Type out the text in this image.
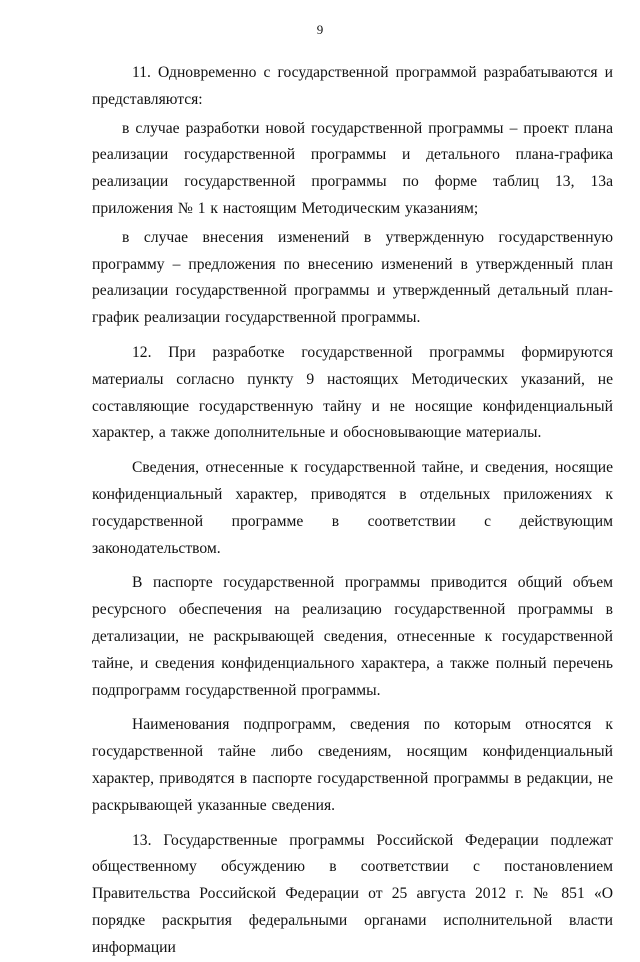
9

11. Одновременно с государственной программой разрабатываются и представляются:

в случае разработки новой государственной программы – проект плана реализации государственной программы и детального плана-графика реализации государственной программы по форме таблиц 13, 13а приложения № 1 к настоящим Методическим указаниям;

в случае внесения изменений в утвержденную государственную программу – предложения по внесению изменений в утвержденный план реализации государственной программы и утвержденный детальный план-график реализации государственной программы.

12. При разработке государственной программы формируются материалы согласно пункту 9 настоящих Методических указаний, не составляющие государственную тайну и не носящие конфиденциальный характер, а также дополнительные и обосновывающие материалы.

Сведения, отнесенные к государственной тайне, и сведения, носящие конфиденциальный характер, приводятся в отдельных приложениях к государственной программе в соответствии с действующим законодательством.

В паспорте государственной программы приводится общий объем ресурсного обеспечения на реализацию государственной программы в детализации, не раскрывающей сведения, отнесенные к государственной тайне, и сведения конфиденциального характера, а также полный перечень подпрограмм государственной программы.

Наименования подпрограмм, сведения по которым относятся к государственной тайне либо сведениям, носящим конфиденциальный характер, приводятся в паспорте государственной программы в редакции, не раскрывающей указанные сведения.

13. Государственные программы Российской Федерации подлежат общественному обсуждению в соответствии с постановлением Правительства Российской Федерации от 25 августа 2012 г. № 851 «О порядке раскрытия федеральными органами исполнительной власти информации
